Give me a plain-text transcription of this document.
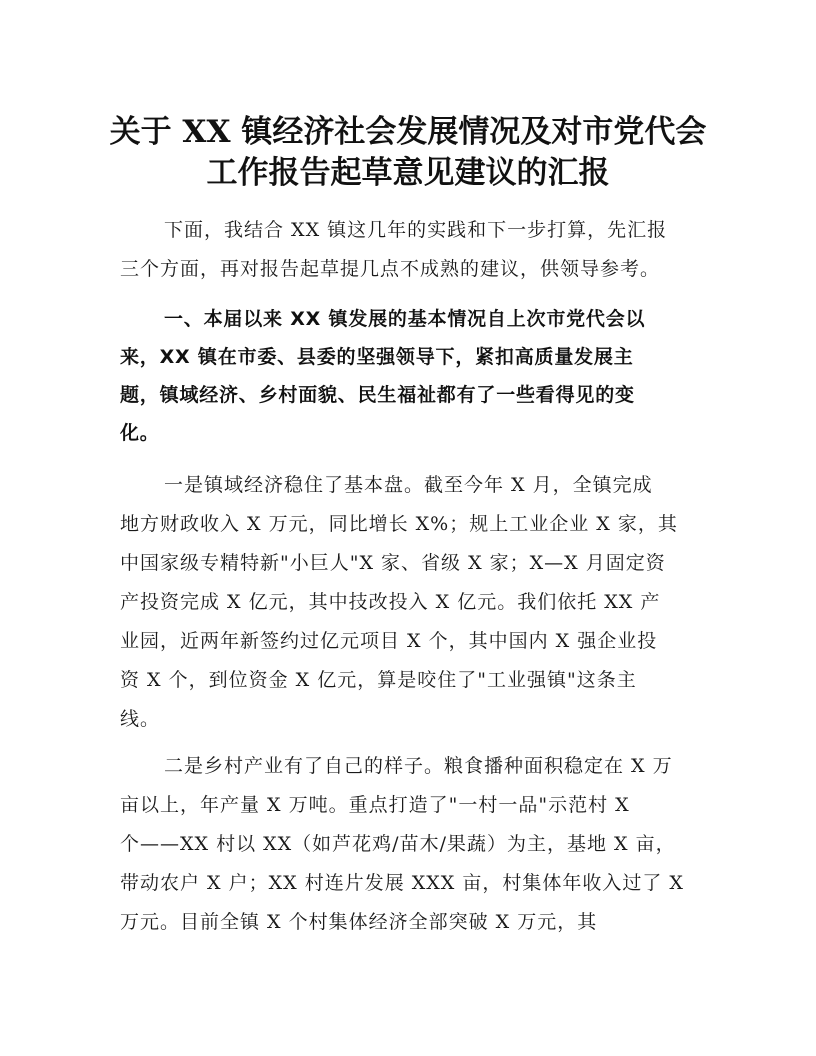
关于 XX 镇经济社会发展情况及对市党代会
工作报告起草意见建议的汇报

下面，我结合 XX 镇这几年的实践和下一步打算，先汇报
三个方面，再对报告起草提几点不成熟的建议，供领导参考。

一、本届以来 XX 镇发展的基本情况自上次市党代会以
来，XX 镇在市委、县委的坚强领导下，紧扣高质量发展主
题，镇域经济、乡村面貌、民生福祉都有了一些看得见的变
化。

一是镇域经济稳住了基本盘。截至今年 X 月，全镇完成
地方财政收入 X 万元，同比增长 X%；规上工业企业 X 家，其
中国家级专精特新"小巨人"X 家、省级 X 家；X—X 月固定资
产投资完成 X 亿元，其中技改投入 X 亿元。我们依托 XX 产
业园，近两年新签约过亿元项目 X 个，其中国内 X 强企业投
资 X 个，到位资金 X 亿元，算是咬住了"工业强镇"这条主
线。

二是乡村产业有了自己的样子。粮食播种面积稳定在 X 万
亩以上，年产量 X 万吨。重点打造了"一村一品"示范村 X
个——XX 村以 XX（如芦花鸡/苗木/果蔬）为主，基地 X 亩，
带动农户 X 户；XX 村连片发展 XXX 亩，村集体年收入过了 X
万元。目前全镇 X 个村集体经济全部突破 X 万元，其
